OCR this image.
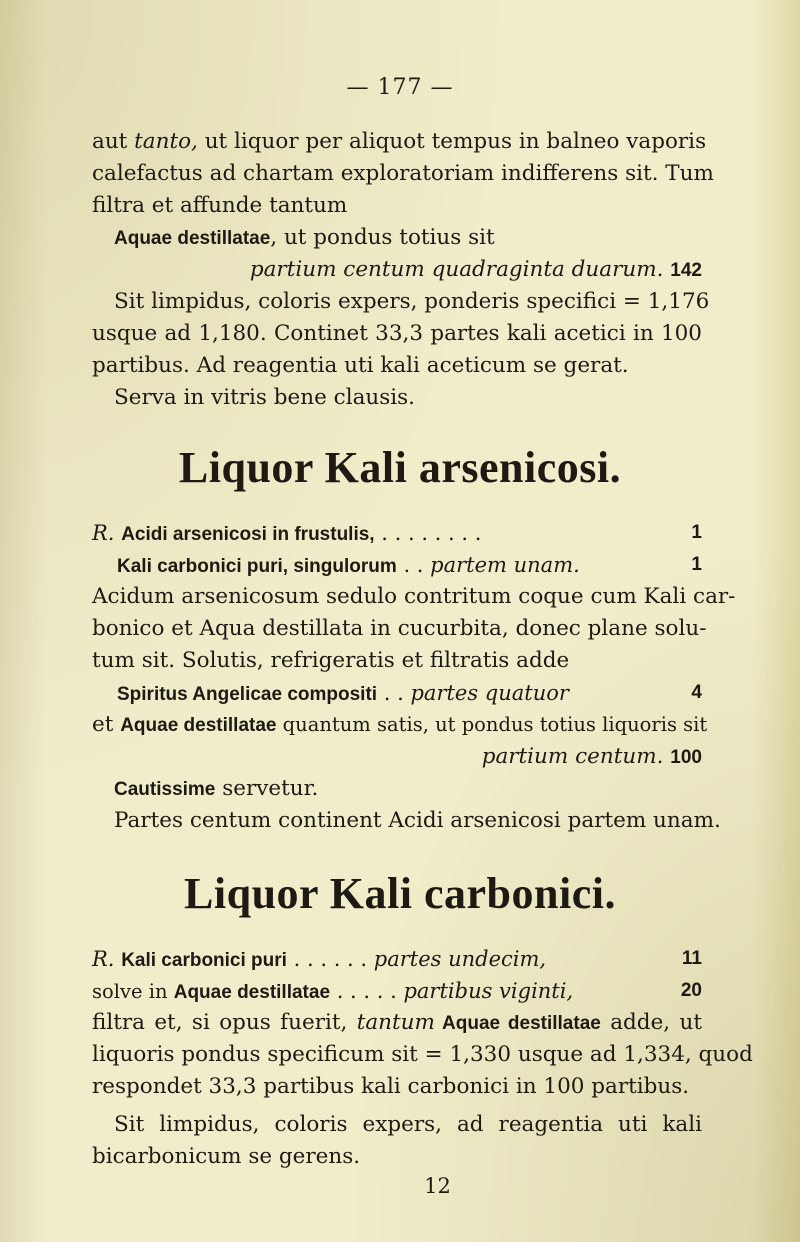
— 177 —
aut tanto, ut liquor per aliquot tempus in balneo vaporis
calefactus ad chartam exploratoriam indifferens sit. Tum
filtra et affunde tantum
Aquae destillatae, ut pondus totius sit
partium centum quadraginta duarum. 142
Sit limpidus, coloris expers, ponderis specifici = 1,176
usque ad 1,180. Continet 33,3 partes kali acetici in 100
partibus. Ad reagentia uti kali aceticum se gerat.
Serva in vitris bene clausis.
Liquor Kali arsenicosi.
R. Acidi arsenicosi in frustulis, . . . . . . . .	1
Kali carbonici puri, singulorum . . partem unam.	1
Acidum arsenicosum sedulo contritum coque cum Kali car-
bonico et Aqua destillata in cucurbita, donec plane solu-
tum sit. Solutis, refrigeratis et filtratis adde
Spiritus Angelicae compositi . . partes quatuor	4
et Aquae destillatae quantum satis, ut pondus totius liquoris sit
partium centum. 100
Cautissime servetur.
Partes centum continent Acidi arsenicosi partem unam.
Liquor Kali carbonici.
R. Kali carbonici puri . . . . . . partes undecim,	11
solve in Aquae destillatae . . . . . partibus viginti,	20
filtra et, si opus fuerit, tantum Aquae destillatae adde, ut
liquoris pondus specificum sit = 1,330 usque ad 1,334, quod
respondet 33,3 partibus kali carbonici in 100 partibus.
Sit limpidus, coloris expers, ad reagentia uti kali
bicarbonicum se gerens.
12
